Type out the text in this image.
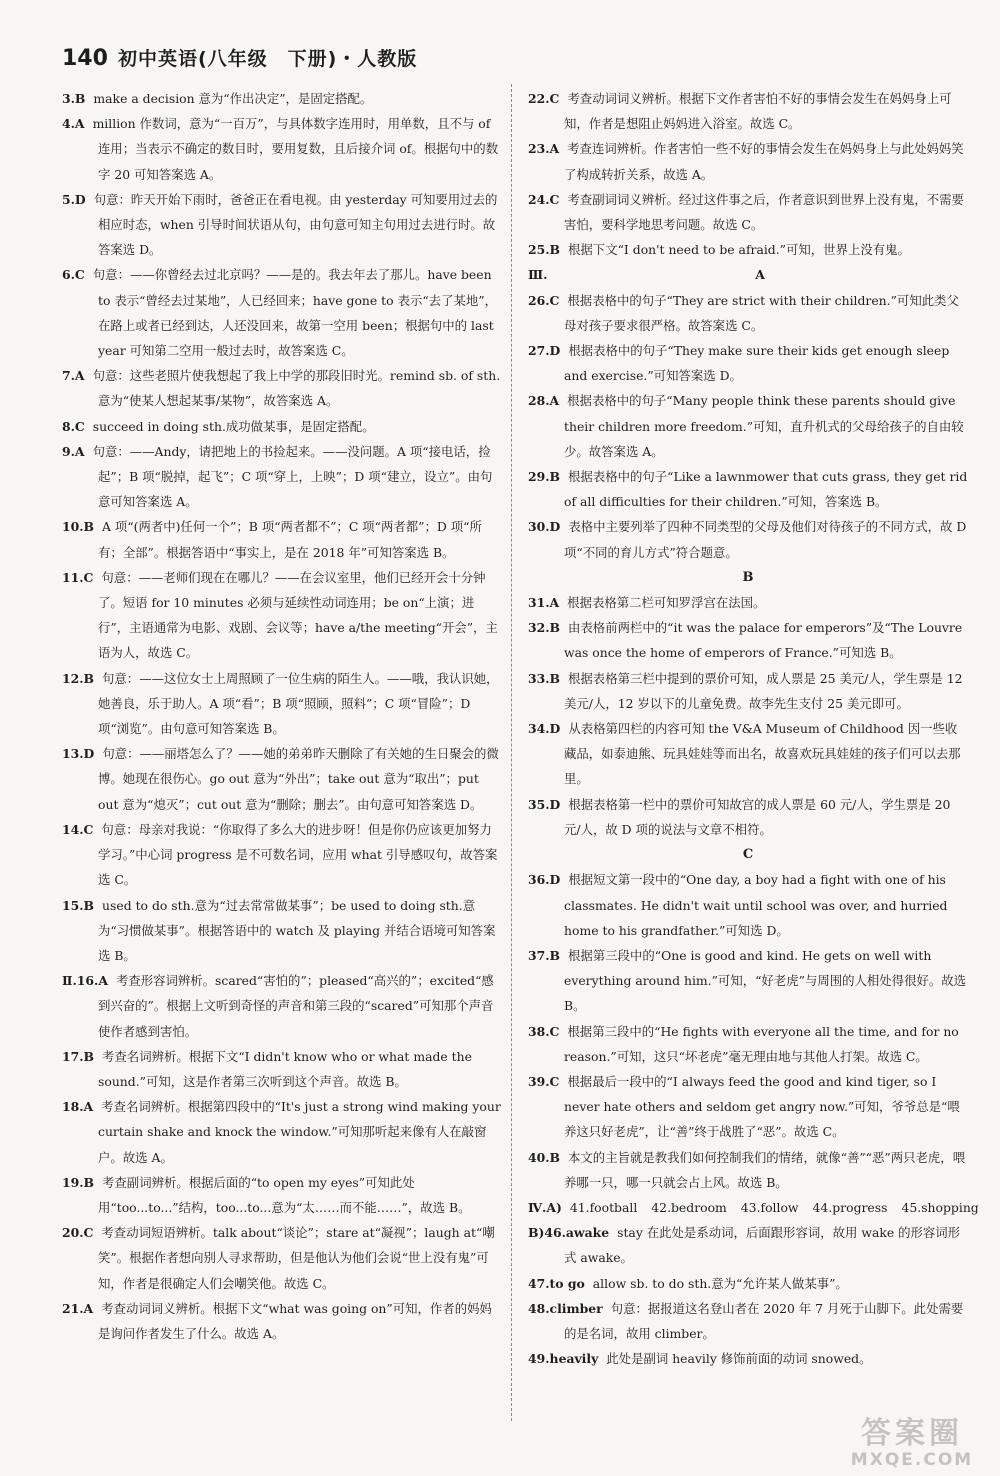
140 初中英语(八年级　下册)・人教版
3.B make a decision 意为“作出决定”，是固定搭配。
4.A million 作数词，意为“一百万”，与具体数字连用时，用单数，且不与 of 连用；当表示不确定的数目时，要用复数，且后接介词 of。根据句中的数字 20 可知答案选 A。
5.D 句意：昨天开始下雨时，爸爸正在看电视。由 yesterday 可知要用过去的相应时态，when 引导时间状语从句，由句意可知主句用过去进行时。故答案选 D。
6.C 句意：——你曾经去过北京吗？——是的。我去年去了那儿。have been to 表示“曾经去过某地”，人已经回来；have gone to 表示“去了某地”，在路上或者已经到达，人还没回来，故第一空用 been；根据句中的 last year 可知第二空用一般过去时，故答案选 C。
7.A 句意：这些老照片使我想起了我上中学的那段旧时光。remind sb. of sth.意为“使某人想起某事/某物”，故答案选 A。
8.C succeed in doing sth.成功做某事，是固定搭配。
9.A 句意：——Andy，请把地上的书捡起来。——没问题。A 项“接电话，捡起”；B 项“脱掉，起飞”；C 项“穿上，上映”；D 项“建立，设立”。由句意可知答案选 A。
10.B A 项“(两者中)任何一个”；B 项“两者都不”；C 项“两者都”；D 项“所有；全部”。根据答语中“事实上，是在 2018 年”可知答案选 B。
11.C 句意：——老师们现在在哪儿？——在会议室里，他们已经开会十分钟了。短语 for 10 minutes 必须与延续性动词连用；be on“上演；进行”，主语通常为电影、戏剧、会议等；have a/the meeting“开会”，主语为人，故选 C。
12.B 句意：——这位女士上周照顾了一位生病的陌生人。——哦，我认识她，她善良，乐于助人。A 项“看”；B 项“照顾，照料”；C 项“冒险”；D 项“浏览”。由句意可知答案选 B。
13.D 句意：——丽塔怎么了？——她的弟弟昨天删除了有关她的生日聚会的微博。她现在很伤心。go out 意为“外出”；take out 意为“取出”；put out 意为“熄灭”；cut out 意为“删除；删去”。由句意可知答案选 D。
14.C 句意：母亲对我说：“你取得了多么大的进步呀！但是你仍应该更加努力学习。”中心词 progress 是不可数名词，应用 what 引导感叹句，故答案选 C。
15.B used to do sth.意为“过去常常做某事”；be used to doing sth.意为“习惯做某事”。根据答语中的 watch 及 playing 并结合语境可知答案选 B。
Ⅱ.16.A 考查形容词辨析。scared“害怕的”；pleased“高兴的”；excited“感到兴奋的”。根据上文听到奇怪的声音和第三段的“scared”可知那个声音使作者感到害怕。
17.B 考查名词辨析。根据下文“I didn't know who or what made the sound.”可知，这是作者第三次听到这个声音。故选 B。
18.A 考查名词辨析。根据第四段中的“It's just a strong wind making your curtain shake and knock the window.”可知那听起来像有人在敲窗户。故选 A。
19.B 考查副词辨析。根据后面的“to open my eyes”可知此处用“too...to...”结构，too...to...意为“太……而不能……”，故选 B。
20.C 考查动词短语辨析。talk about“谈论”；stare at“凝视”；laugh at“嘲笑”。根据作者想向别人寻求帮助，但是他认为他们会说“世上没有鬼”可知，作者是很确定人们会嘲笑他。故选 C。
21.A 考查动词词义辨析。根据下文“what was going on”可知，作者的妈妈是询问作者发生了什么。故选 A。
22.C 考查动词词义辨析。根据下文作者害怕不好的事情会发生在妈妈身上可知，作者是想阻止妈妈进入浴室。故选 C。
23.A 考查连词辨析。作者害怕一些不好的事情会发生在妈妈身上与此处妈妈笑了构成转折关系，故选 A。
24.C 考查副词词义辨析。经过这件事之后，作者意识到世界上没有鬼，不需要害怕，要科学地思考问题。故选 C。
25.B 根据下文“I don't need to be afraid.”可知，世界上没有鬼。
Ⅲ.	A
26.C 根据表格中的句子“They are strict with their children.”可知此类父母对孩子要求很严格。故答案选 C。
27.D 根据表格中的句子“They make sure their kids get enough sleep and exercise.”可知答案选 D。
28.A 根据表格中的句子“Many people think these parents should give their children more freedom.”可知，直升机式的父母给孩子的自由较少。故答案选 A。
29.B 根据表格中的句子“Like a lawnmower that cuts grass, they get rid of all difficulties for their children.”可知，答案选 B。
30.D 表格中主要列举了四种不同类型的父母及他们对待孩子的不同方式，故 D 项“不同的育儿方式”符合题意。
B
31.A 根据表格第二栏可知罗浮宫在法国。
32.B 由表格前两栏中的“it was the palace for emperors”及“The Louvre was once the home of emperors of France.”可知选 B。
33.B 根据表格第三栏中提到的票价可知，成人票是 25 美元/人，学生票是 12 美元/人，12 岁以下的儿童免费。故李先生支付 25 美元即可。
34.D 从表格第四栏的内容可知 the V&A Museum of Childhood 因一些收藏品，如泰迪熊、玩具娃娃等而出名，故喜欢玩具娃娃的孩子们可以去那里。
35.D 根据表格第一栏中的票价可知故宫的成人票是 60 元/人，学生票是 20 元/人，故 D 项的说法与文章不相符。
C
36.D 根据短文第一段中的“One day, a boy had a fight with one of his classmates. He didn't wait until school was over, and hurried home to his grandfather.”可知选 D。
37.B 根据第三段中的“One is good and kind. He gets on well with everything around him.”可知，“好老虎”与周围的人相处得很好。故选 B。
38.C 根据第三段中的“He fights with everyone all the time, and for no reason.”可知，这只“坏老虎”毫无理由地与其他人打架。故选 C。
39.C 根据最后一段中的“I always feed the good and kind tiger, so I never hate others and seldom get angry now.”可知，爷爷总是“喂养这只好老虎”，让“善”终于战胜了“恶”。故选 C。
40.B 本文的主旨就是教我们如何控制我们的情绪，就像“善”“恶”两只老虎，喂养哪一只，哪一只就会占上风。故选 B。
Ⅳ.A) 41.football 42.bedroom 43.follow 44.progress 45.shopping
B)46.awake stay 在此处是系动词，后面跟形容词，故用 wake 的形容词形式 awake。
47.to go allow sb. to do sth.意为“允许某人做某事”。
48.climber 句意：据报道这名登山者在 2020 年 7 月死于山脚下。此处需要的是名词，故用 climber。
49.heavily 此处是副词 heavily 修饰前面的动词 snowed。
答案圈
MXQE.COM
